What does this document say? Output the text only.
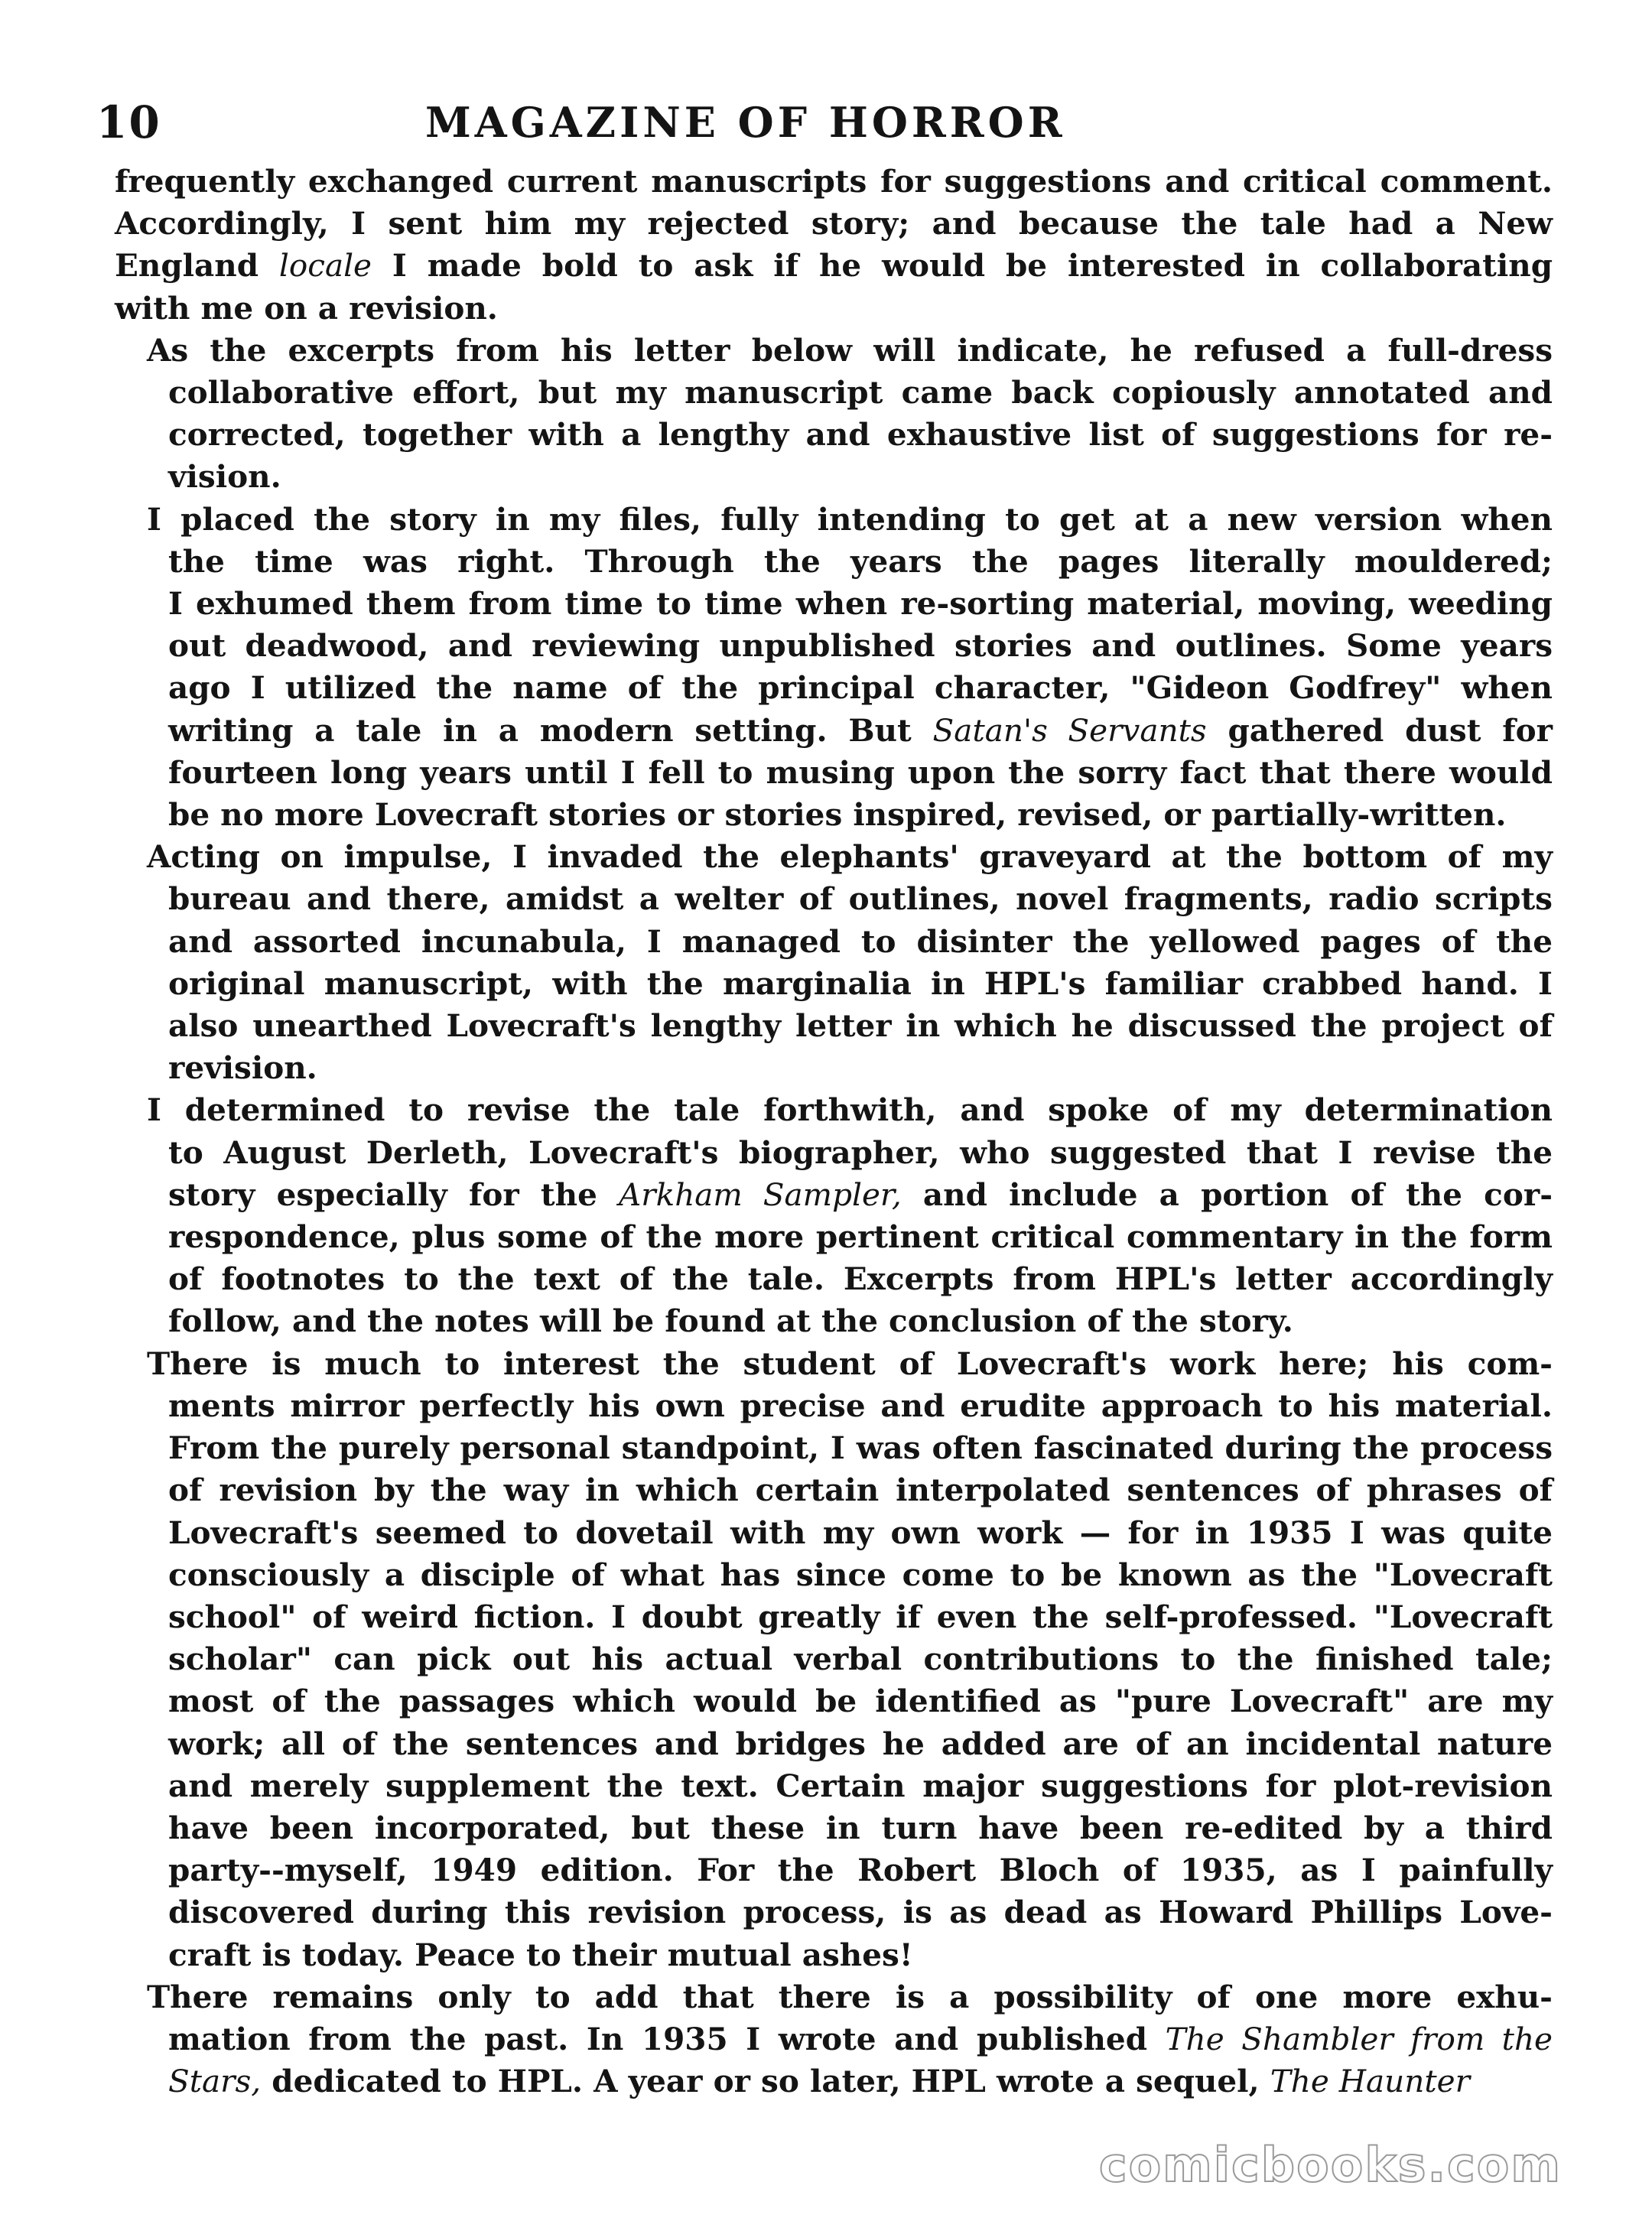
10	MAGAZINE OF HORROR

frequently exchanged current manuscripts for suggestions and critical comment.
Accordingly, I sent him my rejected story; and because the tale had a New
England locale I made bold to ask if he would be interested in collaborating
with me on a revision.

As the excerpts from his letter below will indicate, he refused a full-dress
collaborative effort, but my manuscript came back copiously annotated and
corrected, together with a lengthy and exhaustive list of suggestions for re-
vision.

I placed the story in my files, fully intending to get at a new version when
the time was right. Through the years the pages literally mouldered;
I exhumed them from time to time when re-sorting material, moving, weeding
out deadwood, and reviewing unpublished stories and outlines. Some years
ago I utilized the name of the principal character, "Gideon Godfrey" when
writing a tale in a modern setting. But Satan's Servants gathered dust for
fourteen long years until I fell to musing upon the sorry fact that there would
be no more Lovecraft stories or stories inspired, revised, or partially-written.

Acting on impulse, I invaded the elephants' graveyard at the bottom of my
bureau and there, amidst a welter of outlines, novel fragments, radio scripts
and assorted incunabula, I managed to disinter the yellowed pages of the
original manuscript, with the marginalia in HPL's familiar crabbed hand. I
also unearthed Lovecraft's lengthy letter in which he discussed the project of
revision.

I determined to revise the tale forthwith, and spoke of my determination
to August Derleth, Lovecraft's biographer, who suggested that I revise the
story especially for the Arkham Sampler, and include a portion of the cor-
respondence, plus some of the more pertinent critical commentary in the form
of footnotes to the text of the tale. Excerpts from HPL's letter accordingly
follow, and the notes will be found at the conclusion of the story.

There is much to interest the student of Lovecraft's work here; his com-
ments mirror perfectly his own precise and erudite approach to his material.
From the purely personal standpoint, I was often fascinated during the process
of revision by the way in which certain interpolated sentences of phrases of
Lovecraft's seemed to dovetail with my own work — for in 1935 I was quite
consciously a disciple of what has since come to be known as the "Lovecraft
school" of weird fiction. I doubt greatly if even the self-professed. "Lovecraft
scholar" can pick out his actual verbal contributions to the finished tale;
most of the passages which would be identified as "pure Lovecraft" are my
work; all of the sentences and bridges he added are of an incidental nature
and merely supplement the text. Certain major suggestions for plot-revision
have been incorporated, but these in turn have been re-edited by a third
party--myself, 1949 edition. For the Robert Bloch of 1935, as I painfully
discovered during this revision process, is as dead as Howard Phillips Love-
craft is today. Peace to their mutual ashes!

There remains only to add that there is a possibility of one more exhu-
mation from the past. In 1935 I wrote and published The Shambler from the
Stars, dedicated to HPL. A year or so later, HPL wrote a sequel, The Haunter

comicbooks.com
